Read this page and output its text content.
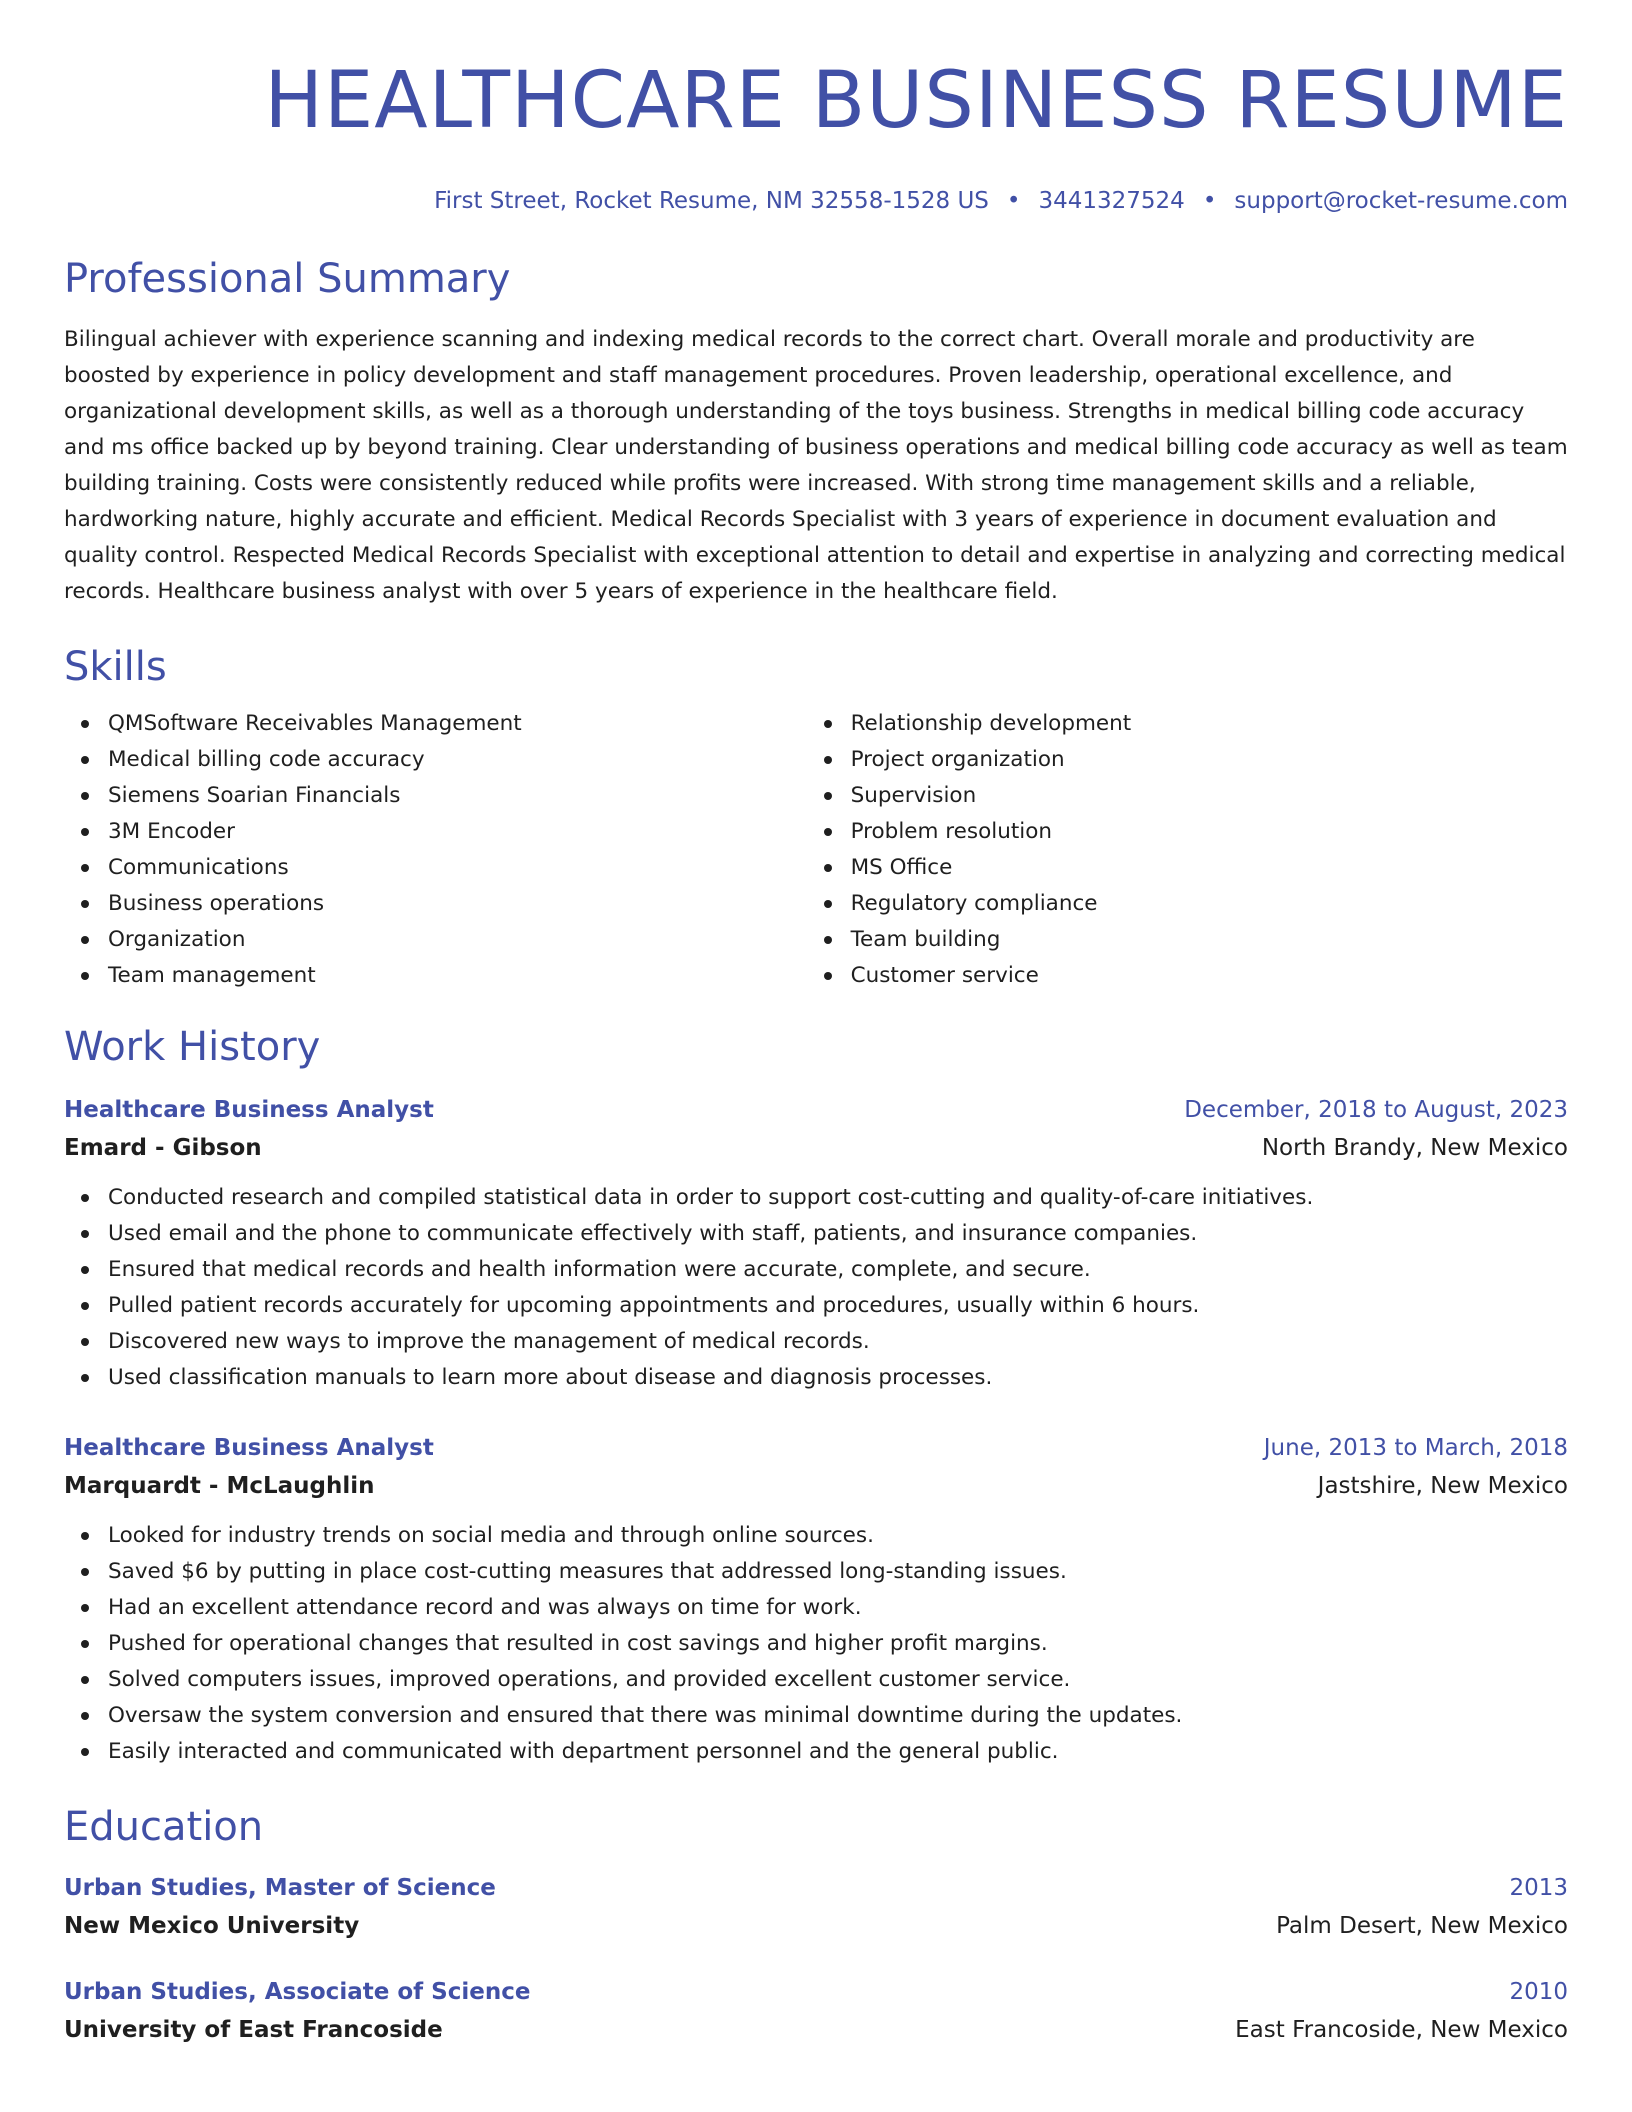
HEALTHCARE BUSINESS RESUME
First Street, Rocket Resume, NM 32558-1528 US • 3441327524 • support@rocket-resume.com
Professional Summary
Bilingual achiever with experience scanning and indexing medical records to the correct chart. Overall morale and productivity are boosted by experience in policy development and staff management procedures. Proven leadership, operational excellence, and organizational development skills, as well as a thorough understanding of the toys business. Strengths in medical billing code accuracy and ms office backed up by beyond training. Clear understanding of business operations and medical billing code accuracy as well as team building training. Costs were consistently reduced while profits were increased. With strong time management skills and a reliable, hardworking nature, highly accurate and efficient. Medical Records Specialist with 3 years of experience in document evaluation and quality control. Respected Medical Records Specialist with exceptional attention to detail and expertise in analyzing and correcting medical records. Healthcare business analyst with over 5 years of experience in the healthcare field.
Skills
QMSoftware Receivables Management
Medical billing code accuracy
Siemens Soarian Financials
3M Encoder
Communications
Business operations
Organization
Team management
Relationship development
Project organization
Supervision
Problem resolution
MS Office
Regulatory compliance
Team building
Customer service
Work History
Healthcare Business Analyst	December, 2018 to August, 2023
Emard - Gibson	North Brandy, New Mexico
Conducted research and compiled statistical data in order to support cost-cutting and quality-of-care initiatives.
Used email and the phone to communicate effectively with staff, patients, and insurance companies.
Ensured that medical records and health information were accurate, complete, and secure.
Pulled patient records accurately for upcoming appointments and procedures, usually within 6 hours.
Discovered new ways to improve the management of medical records.
Used classification manuals to learn more about disease and diagnosis processes.
Healthcare Business Analyst	June, 2013 to March, 2018
Marquardt - McLaughlin	Jastshire, New Mexico
Looked for industry trends on social media and through online sources.
Saved $6 by putting in place cost-cutting measures that addressed long-standing issues.
Had an excellent attendance record and was always on time for work.
Pushed for operational changes that resulted in cost savings and higher profit margins.
Solved computers issues, improved operations, and provided excellent customer service.
Oversaw the system conversion and ensured that there was minimal downtime during the updates.
Easily interacted and communicated with department personnel and the general public.
Education
Urban Studies, Master of Science	2013
New Mexico University	Palm Desert, New Mexico
Urban Studies, Associate of Science	2010
University of East Francoside	East Francoside, New Mexico
